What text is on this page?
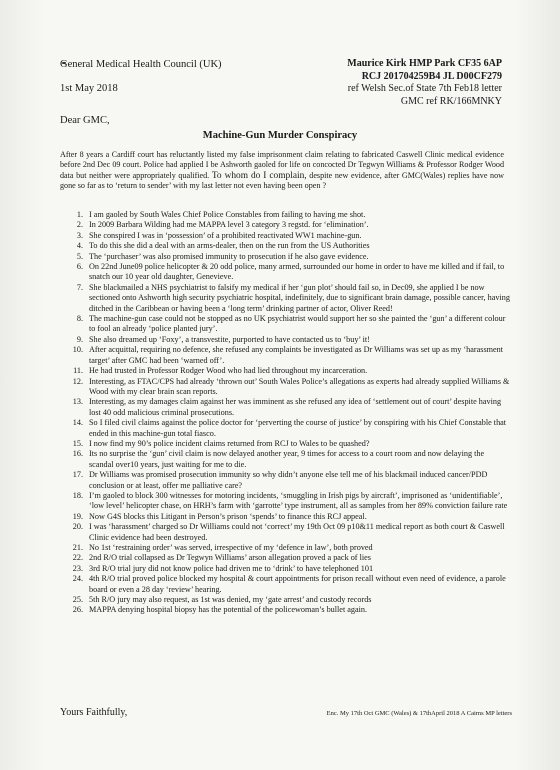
General Medical Health Council (UK)
1st May 2018
Maurice Kirk HMP Park CF35 6AP
RCJ 201704259B4 JL D00CF279
ref Welsh Sec.of State 7th Feb18 letter
GMC ref RK/166MNKY
Dear GMC,
Machine-Gun Murder Conspiracy
After 8 years a Cardiff court has reluctantly listed my false imprisonment claim relating to fabricated Caswell Clinic medical evidence before 2nd Dec 09 court. Police had applied I be Ashworth gaoled for life on concocted Dr Tegwyn Williams & Professor Rodger Wood data but neither were appropriately qualified. To whom do I complain, despite new evidence, after GMC(Wales) replies have now gone so far as to ‘return to sender’ with my last letter not even having been open ?
1. I am gaoled by South Wales Chief Police Constables from failing to having me shot.
2. In 2009 Barbara Wilding had me MAPPA level 3 category 3 regstd. for ‘elimination’.
3. She conspired I was in ‘possession’ of a prohibited reactivated WW1 machine-gun.
4. To do this she did a deal with an arms-dealer, then on the run from the US Authorities
5. The ‘purchaser’ was also promised immunity to prosecution if he also gave evidence.
6. On 22nd June09 police helicopter & 20 odd police, many armed, surrounded our home in order to have me killed and if fail, to snatch our 10 year old daughter, Genevieve.
7. She blackmailed a NHS psychiatrist to falsify my medical if her ‘gun plot’ should fail so, in Dec09, she applied I be now sectioned onto Ashworth high security psychiatric hospital, indefinitely, due to significant brain damage, possible cancer, having ditched in the Caribbean or having been a ‘long term’ drinking partner of actor, Oliver Reed!
8. The machine-gun case could not be stopped as no UK psychiatrist would support her so she painted the ‘gun’ a different colour to fool an already ‘police planted jury’.
9. She also dreamed up ‘Foxy’, a transvestite, purported to have contacted us to ‘buy’ it!
10. After acquittal, requiring no defence, she refused any complaints be investigated as Dr Williams was set up as my ‘harassment target’ after GMC had been ‘warned off’.
11. He had trusted in Professor Rodger Wood who had lied throughout my incarceration.
12. Interesting, as FTAC/CPS had already ‘thrown out’ South Wales Police’s allegations as experts had already supplied Williams & Wood with my clear brain scan reports.
13. Interesting, as my damages claim against her was imminent as she refused any idea of ‘settlement out of court’ despite having lost 40 odd malicious criminal prosecutions.
14. So I filed civil claims against the police doctor for ‘perverting the course of justice’ by conspiring with his Chief Constable that ended in this machine-gun total fiasco.
15. I now find my 90’s police incident claims returned from RCJ to Wales to be quashed?
16. Its no surprise the ‘gun’ civil claim is now delayed another year, 9 times for access to a court room and now delaying the scandal over10 years, just waiting for me to die.
17. Dr Williams was promised prosecution immunity so why didn’t anyone else tell me of his blackmail induced cancer/PDD conclusion or at least, offer me palliative care?
18. I’m gaoled to block 300 witnesses for motoring incidents, ‘smuggling in Irish pigs by aircraft’, imprisoned as ‘unidentifiable’, ‘low level’ helicopter chase, on HRH’s farm with ‘garrotte’ type instrument, all as samples from her 89% conviction failure rate
19. Now G4S blocks this Litigant in Person’s prison ‘spends’ to finance this RCJ appeal.
20. I was ‘harassment’ charged so Dr Williams could not ‘correct’ my 19th Oct 09 p10&11 medical report as both court & Caswell Clinic evidence had been destroyed.
21. No 1st ‘restraining order’ was served, irrespective of my ‘defence in law’, both proved
22. 2nd R/O trial collapsed as Dr Tegwyn Williams’ arson allegation proved a pack of lies
23. 3rd R/O trial jury did not know police had driven me to ‘drink’ to have telephoned 101
24. 4th R/O trial proved police blocked my hospital & court appointments for prison recall without even need of evidence, a parole board or even a 28 day ‘review’ hearing.
25. 5th R/O jury may also request, as 1st was denied, my ‘gate arrest’ and custody records
26. MAPPA denying hospital biopsy has the potential of the policewoman’s bullet again.
Yours Faithfully,	Enc. My 17th Oct GMC (Wales) & 17thApril 2018 A Cairns MP letters
